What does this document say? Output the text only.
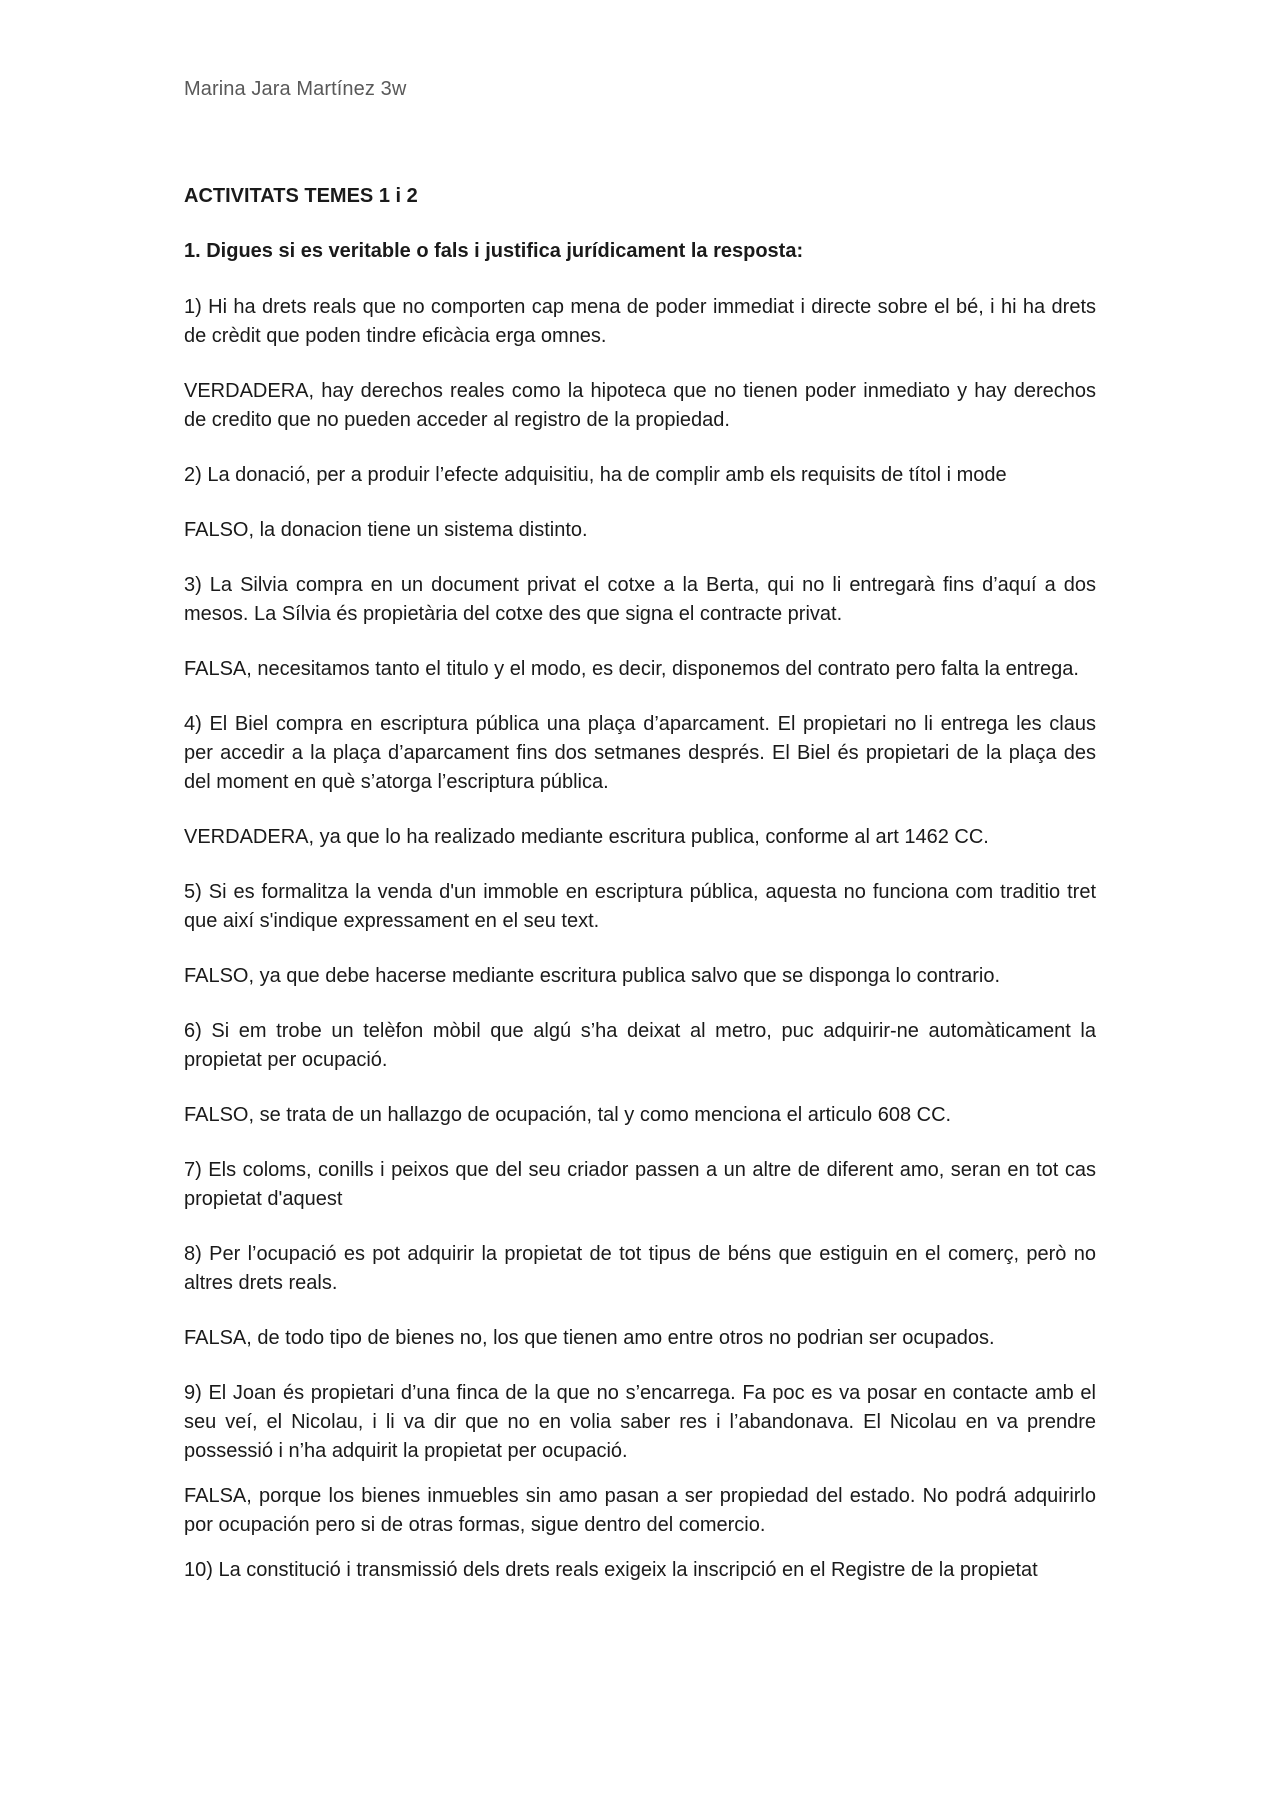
Marina Jara Martínez 3w
ACTIVITATS TEMES 1 i 2
1. Digues si es veritable o fals i justifica jurídicament la resposta:

1) Hi ha drets reals que no comporten cap mena de poder immediat i directe sobre el bé, i hi ha drets de crèdit que poden tindre eficàcia erga omnes.

VERDADERA, hay derechos reales como la hipoteca que no tienen poder inmediato y hay derechos de credito que no pueden acceder al registro de la propiedad.

2) La donació, per a produir l’efecte adquisitiu, ha de complir amb els requisits de títol i mode

FALSO, la donacion tiene un sistema distinto.

3) La Silvia compra en un document privat el cotxe a la Berta, qui no li entregarà fins d’aquí a dos mesos. La Sílvia és propietària del cotxe des que signa el contracte privat.

FALSA, necesitamos tanto el titulo y el modo, es decir, disponemos del contrato pero falta la entrega.

4) El Biel compra en escriptura pública una plaça d’aparcament. El propietari no li entrega les claus per accedir a la plaça d’aparcament fins dos setmanes després. El Biel és propietari de la plaça des del moment en què s’atorga l’escriptura pública.

VERDADERA, ya que lo ha realizado mediante escritura publica, conforme al art 1462 CC.

5) Si es formalitza la venda d'un immoble en escriptura pública, aquesta no funciona com traditio tret que així s'indique expressament en el seu text.

FALSO, ya que debe hacerse mediante escritura publica salvo que se disponga lo contrario.

6) Si em trobe un telèfon mòbil que algú s’ha deixat al metro, puc adquirir-ne automàticament la propietat per ocupació.

FALSO, se trata de un hallazgo de ocupación, tal y como menciona el articulo 608 CC.

7) Els coloms, conills i peixos que del seu criador passen a un altre de diferent amo, seran en tot cas propietat d'aquest

8) Per l’ocupació es pot adquirir la propietat de tot tipus de béns que estiguin en el comerç, però no altres drets reals.

FALSA, de todo tipo de bienes no, los que tienen amo entre otros no podrian ser ocupados.

9) El Joan és propietari d’una finca de la que no s’encarrega. Fa poc es va posar en contacte amb el seu veí, el Nicolau, i li va dir que no en volia saber res i l’abandonava. El Nicolau en va prendre possessió i n’ha adquirit la propietat per ocupació.

FALSA, porque los bienes inmuebles sin amo pasan a ser propiedad del estado. No podrá adquirirlo por ocupación pero si de otras formas, sigue dentro del comercio.

10) La constitució i transmissió dels drets reals exigeix la inscripció en el Registre de la propietat
